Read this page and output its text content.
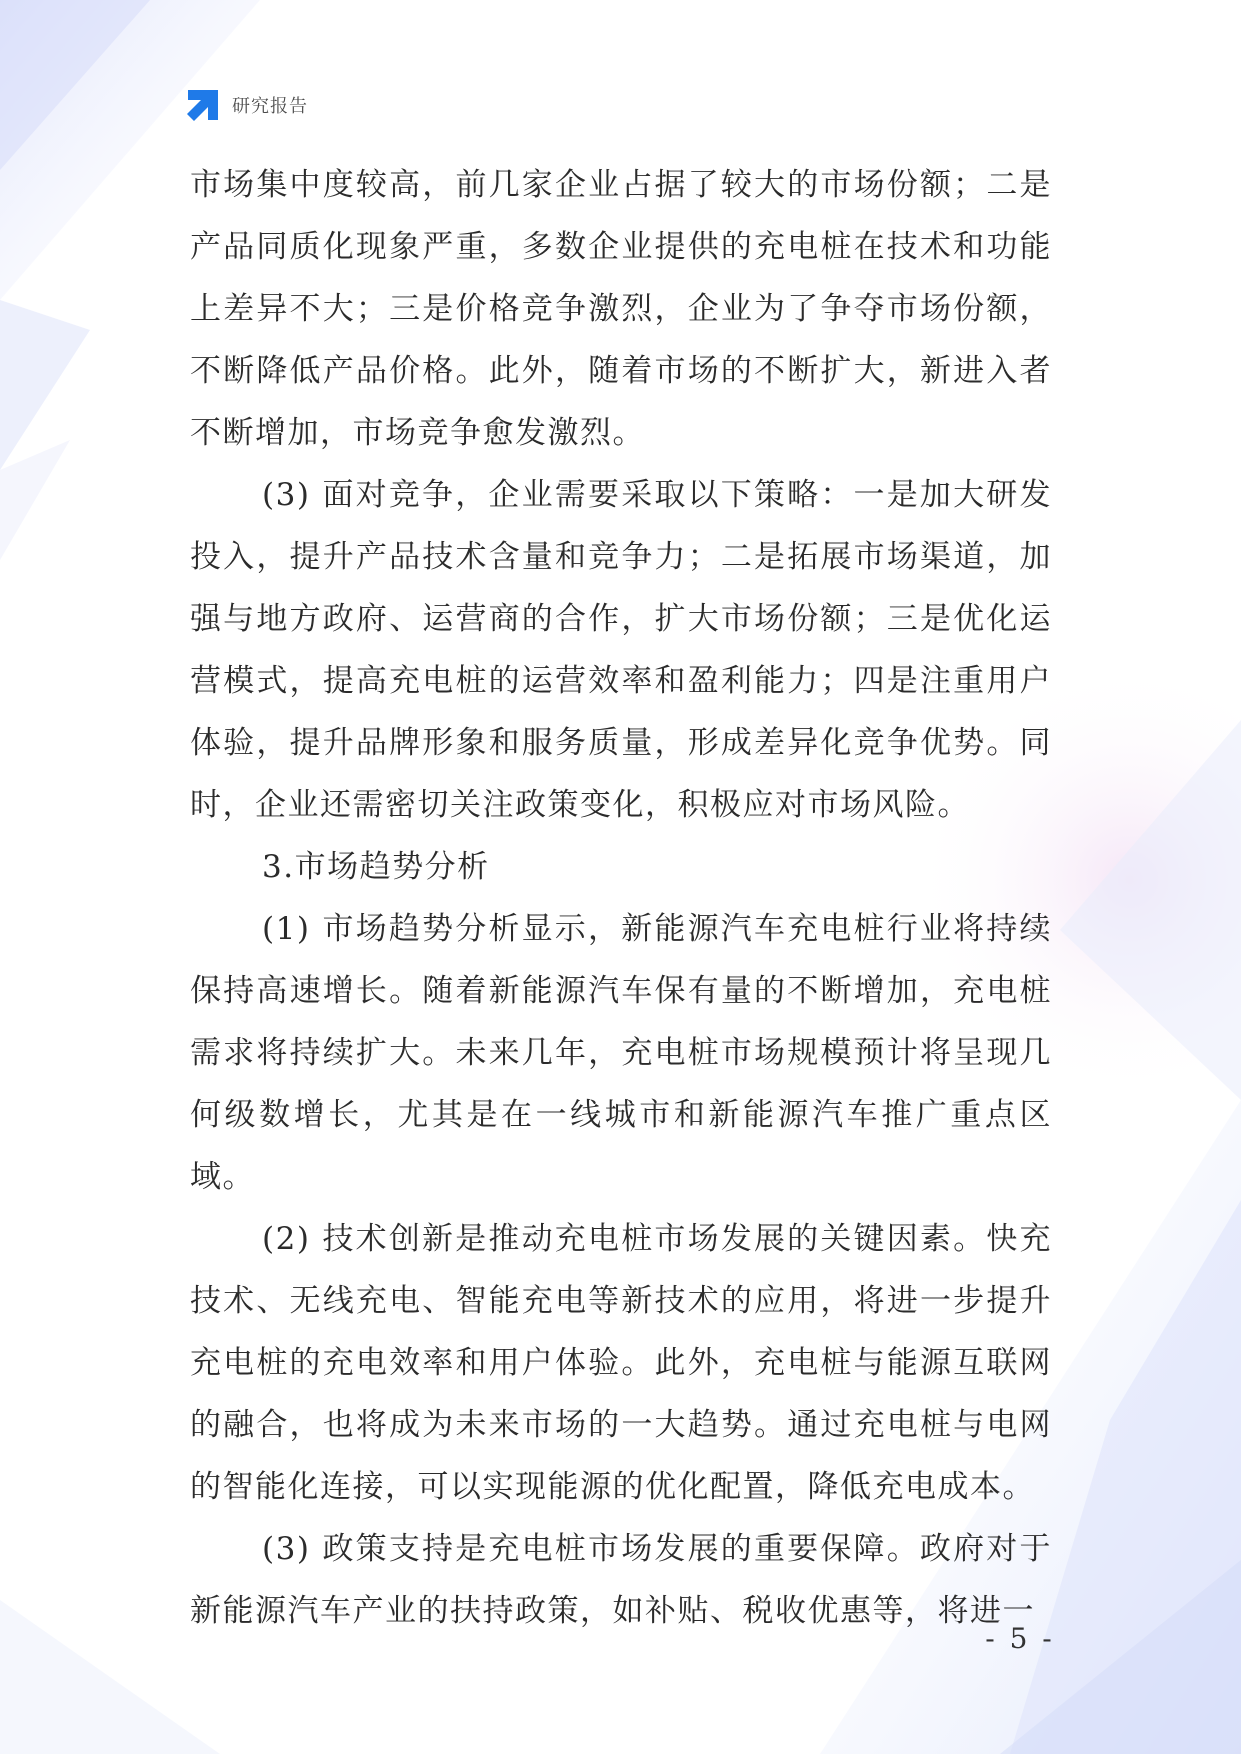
研究报告

市场集中度较高，前几家企业占据了较大的市场份额；二是产品同质化现象严重，多数企业提供的充电桩在技术和功能上差异不大；三是价格竞争激烈，企业为了争夺市场份额，不断降低产品价格。此外，随着市场的不断扩大，新进入者不断增加，市场竞争愈发激烈。

(3) 面对竞争，企业需要采取以下策略：一是加大研发投入，提升产品技术含量和竞争力；二是拓展市场渠道，加强与地方政府、运营商的合作，扩大市场份额；三是优化运营模式，提高充电桩的运营效率和盈利能力；四是注重用户体验，提升品牌形象和服务质量，形成差异化竞争优势。同时，企业还需密切关注政策变化，积极应对市场风险。

3.市场趋势分析

(1) 市场趋势分析显示，新能源汽车充电桩行业将持续保持高速增长。随着新能源汽车保有量的不断增加，充电桩需求将持续扩大。未来几年，充电桩市场规模预计将呈现几何级数增长，尤其是在一线城市和新能源汽车推广重点区域。

(2) 技术创新是推动充电桩市场发展的关键因素。快充技术、无线充电、智能充电等新技术的应用，将进一步提升充电桩的充电效率和用户体验。此外，充电桩与能源互联网的融合，也将成为未来市场的一大趋势。通过充电桩与电网的智能化连接，可以实现能源的优化配置，降低充电成本。

(3) 政策支持是充电桩市场发展的重要保障。政府对于新能源汽车产业的扶持政策，如补贴、税收优惠等，将进一

- 5 -
